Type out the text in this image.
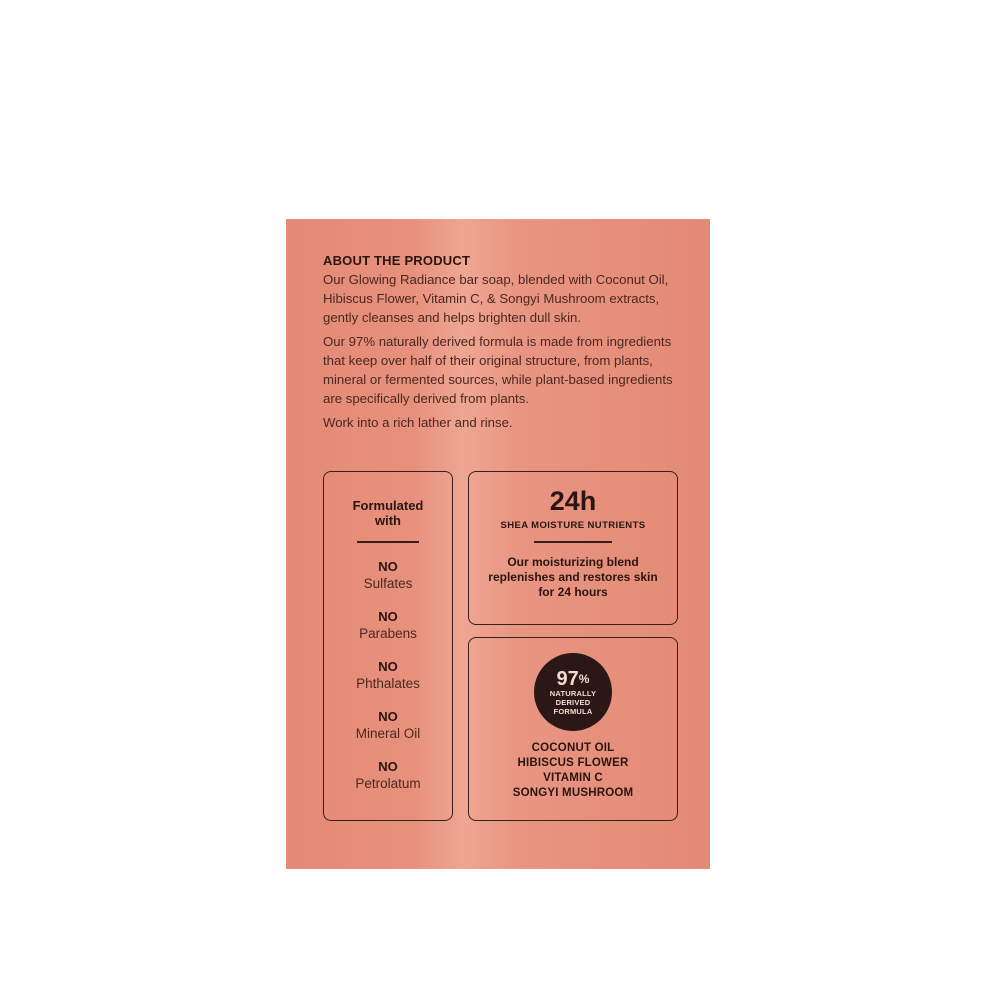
ABOUT THE PRODUCT

Our Glowing Radiance bar soap, blended with Coconut Oil, Hibiscus Flower, Vitamin C, & Songyi Mushroom extracts, gently cleanses and helps brighten dull skin.

Our 97% naturally derived formula is made from ingredients that keep over half of their original structure, from plants, mineral or fermented sources, while plant-based ingredients are specifically derived from plants.

Work into a rich lather and rinse.

Formulated with
NO
Sulfates
NO
Parabens
NO
Phthalates
NO
Mineral Oil
NO
Petrolatum
24h
SHEA MOISTURE NUTRIENTS
Our moisturizing blend replenishes and restores skin for 24 hours
97%
NATURALLY
DERIVED
FORMULA
COCONUT OIL
HIBISCUS FLOWER
VITAMIN C
SONGYI MUSHROOM
